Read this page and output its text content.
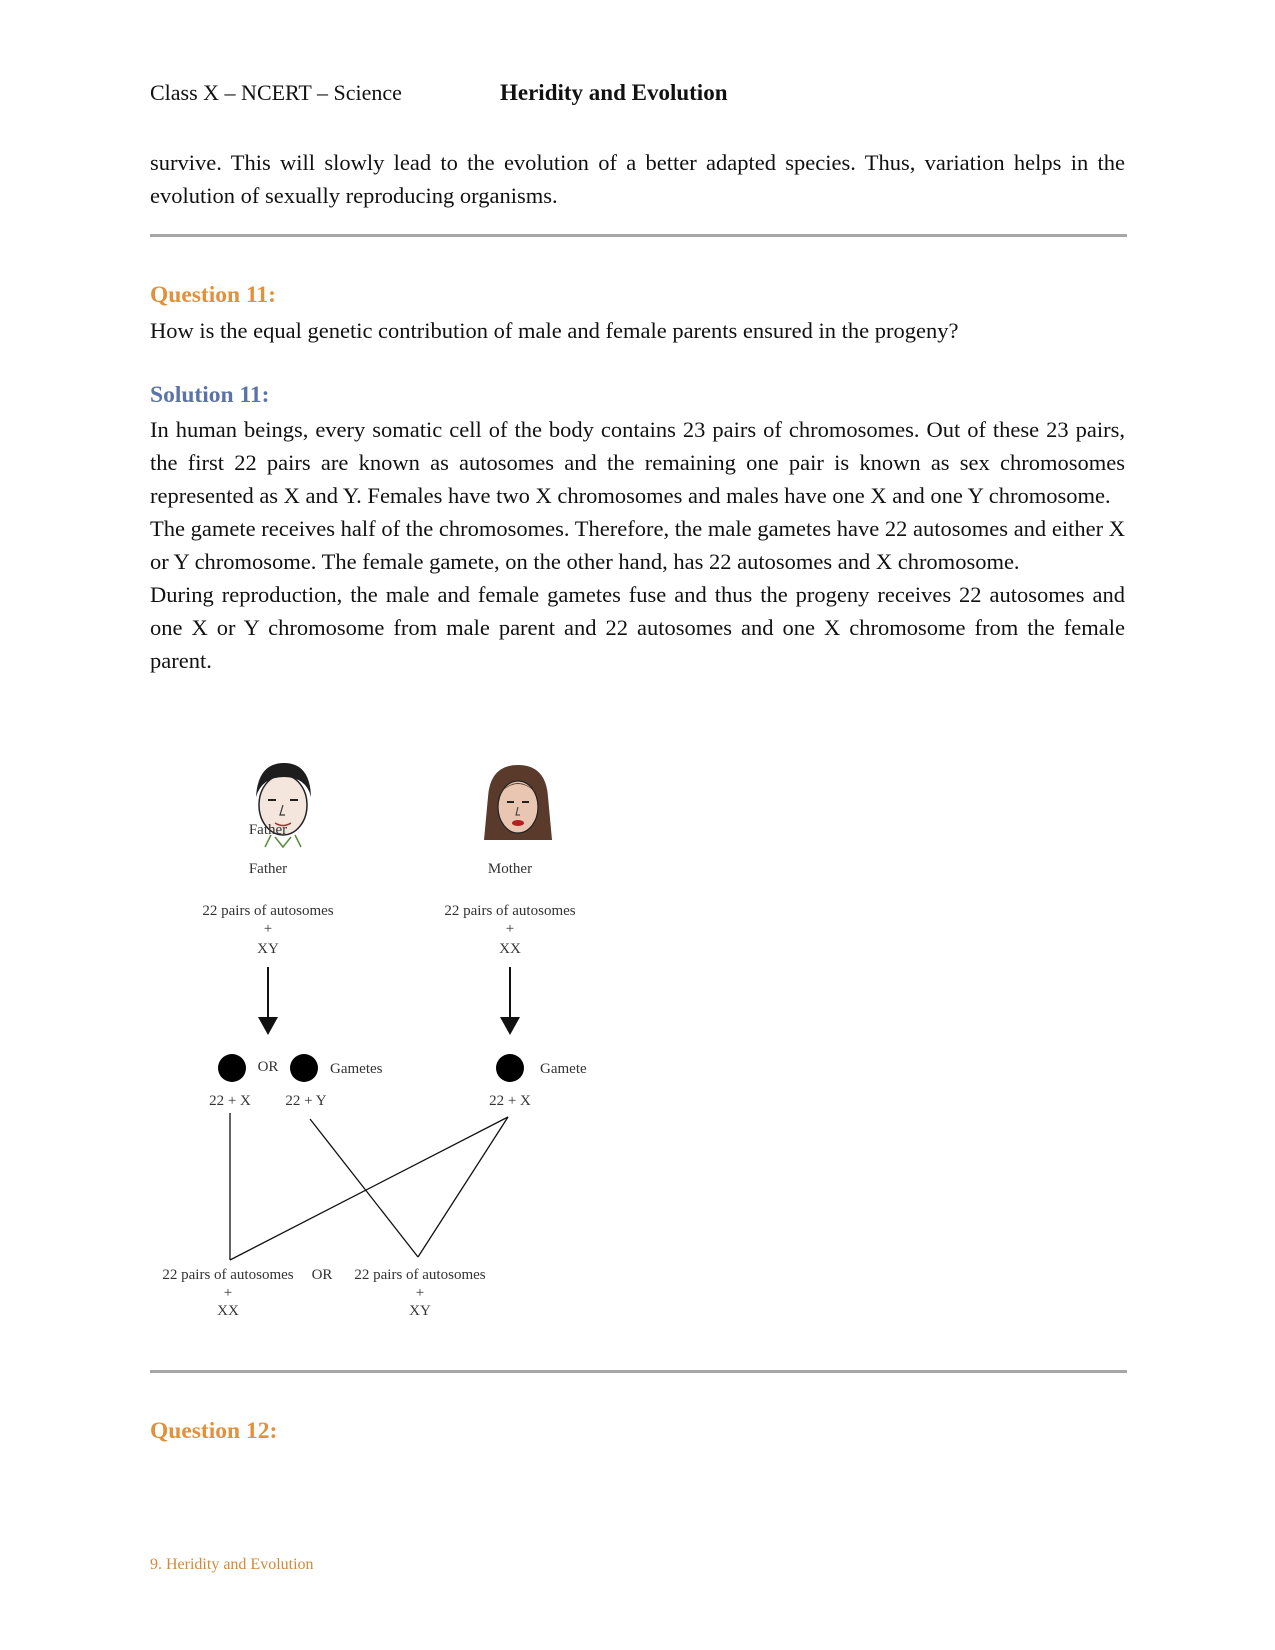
Class X – NCERT – Science	Heridity and Evolution
survive. This will slowly lead to the evolution of a better adapted species. Thus, variation helps in the evolution of sexually reproducing organisms.
Question 11:
How is the equal genetic contribution of male and female parents ensured in the progeny?
Solution 11:
In human beings, every somatic cell of the body contains 23 pairs of chromosomes. Out of these 23 pairs, the first 22 pairs are known as autosomes and the remaining one pair is known as sex chromosomes represented as X and Y. Females have two X chromosomes and males have one X and one Y chromosome.
The gamete receives half of the chromosomes. Therefore, the male gametes have 22 autosomes and either X or Y chromosome. The female gamete, on the other hand, has 22 autosomes and X chromosome.
During reproduction, the male and female gametes fuse and thus the progeny receives 22 autosomes and one X or Y chromosome from male parent and 22 autosomes and one X chromosome from the female parent.
Father
Father	Mother
22 pairs of autosomes
+
XY
22 pairs of autosomes
+
XX
OR	Gametes	Gamete
22 + X 22 + Y	22 + X
22 pairs of autosomes
+
XX
OR 22 pairs of autosomes
+
XY
Question 12:
9. Heridity and Evolution
